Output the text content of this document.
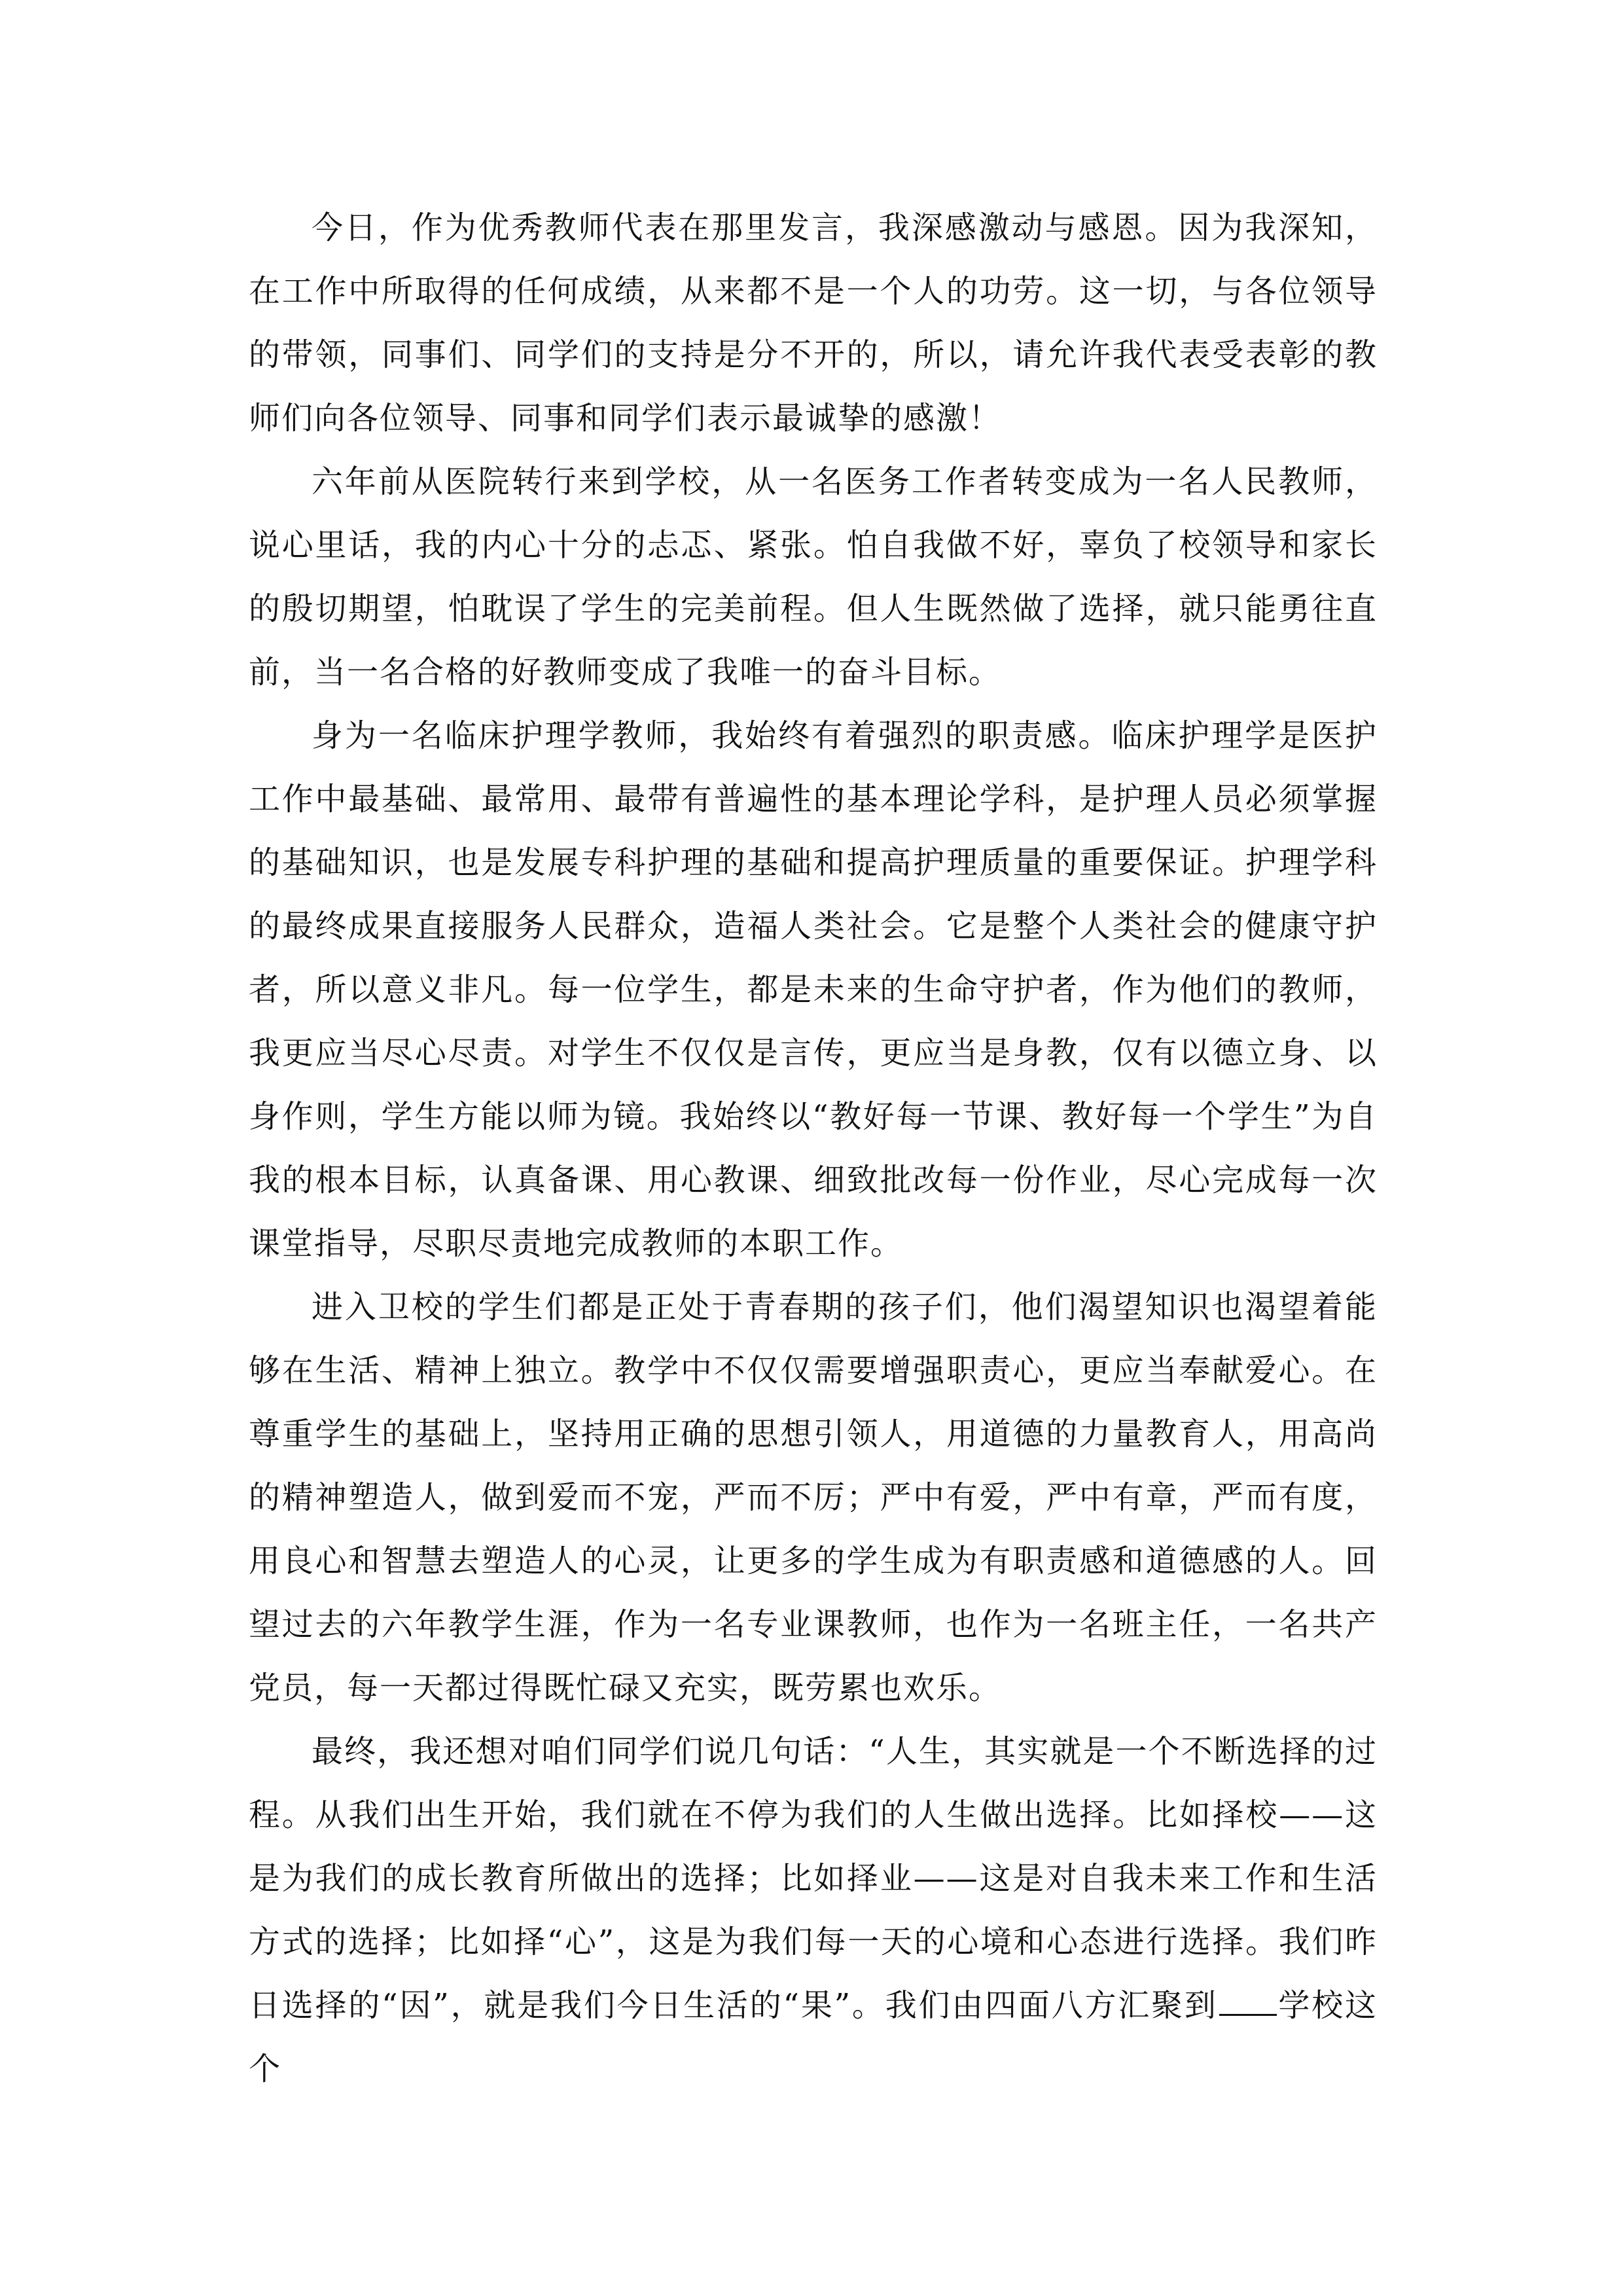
今日，作为优秀教师代表在那里发言，我深感激动与感恩。因为我深知，在工作中所取得的任何成绩，从来都不是一个人的功劳。这一切，与各位领导的带领，同事们、同学们的支持是分不开的，所以，请允许我代表受表彰的教师们向各位领导、同事和同学们表示最诚挚的感激！

六年前从医院转行来到学校，从一名医务工作者转变成为一名人民教师，说心里话，我的内心十分的忐忑、紧张。怕自我做不好，辜负了校领导和家长的殷切期望，怕耽误了学生的完美前程。但人生既然做了选择，就只能勇往直前，当一名合格的好教师变成了我唯一的奋斗目标。

身为一名临床护理学教师，我始终有着强烈的职责感。临床护理学是医护工作中最基础、最常用、最带有普遍性的基本理论学科，是护理人员必须掌握的基础知识，也是发展专科护理的基础和提高护理质量的重要保证。护理学科的最终成果直接服务人民群众，造福人类社会。它是整个人类社会的健康守护者，所以意义非凡。每一位学生，都是未来的生命守护者，作为他们的教师，我更应当尽心尽责。对学生不仅仅是言传，更应当是身教，仅有以德立身、以身作则，学生方能以师为镜。我始终以“教好每一节课、教好每一个学生”为自我的根本目标，认真备课、用心教课、细致批改每一份作业，尽心完成每一次课堂指导，尽职尽责地完成教师的本职工作。

进入卫校的学生们都是正处于青春期的孩子们，他们渴望知识也渴望着能够在生活、精神上独立。教学中不仅仅需要增强职责心，更应当奉献爱心。在尊重学生的基础上，坚持用正确的思想引领人，用道德的力量教育人，用高尚的精神塑造人，做到爱而不宠，严而不厉；严中有爱，严中有章，严而有度，用良心和智慧去塑造人的心灵，让更多的学生成为有职责感和道德感的人。回望过去的六年教学生涯，作为一名专业课教师，也作为一名班主任，一名共产党员，每一天都过得既忙碌又充实，既劳累也欢乐。

最终，我还想对咱们同学们说几句话：“人生，其实就是一个不断选择的过程。从我们出生开始，我们就在不停为我们的人生做出选择。比如择校——这是为我们的成长教育所做出的选择；比如择业——这是对自我未来工作和生活方式的选择；比如择“心”，这是为我们每一天的心境和心态进行选择。我们昨日选择的“因”，就是我们今日生活的“果”。我们由四面八方汇聚到 学校这个
